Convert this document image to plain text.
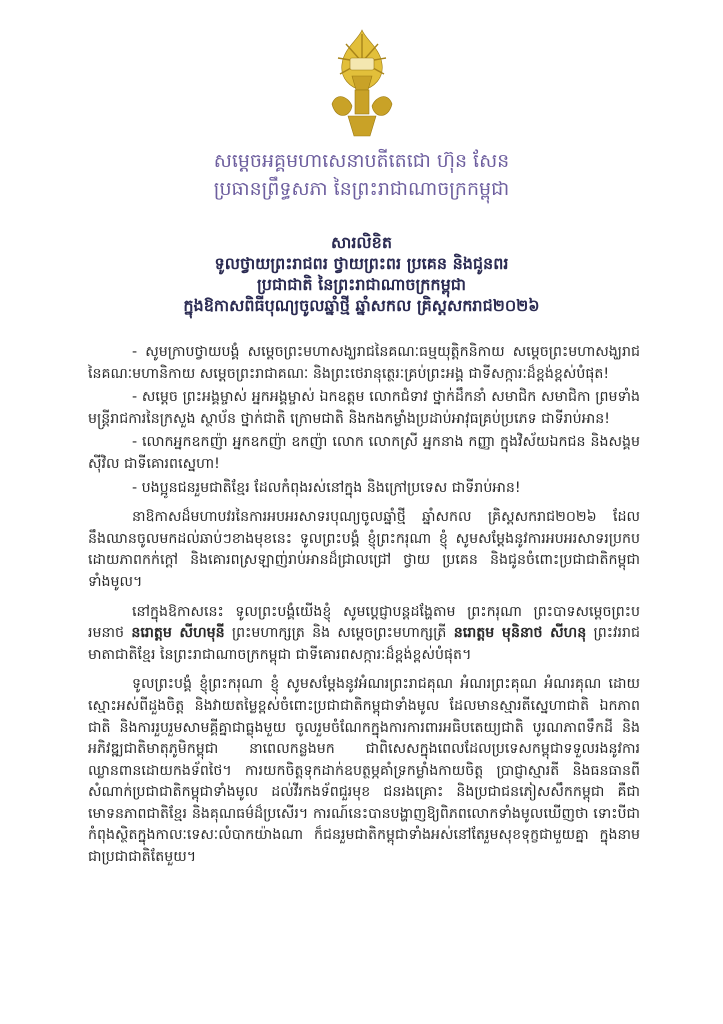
សម្តេចអគ្គមហាសេនាបតីតេជោ ហ៊ុន សែន
ប្រធានព្រឹទ្ធសភា នៃព្រះរាជាណាចក្រកម្ពុជា
សារលិខិត
ទូលថ្វាយព្រះរាជពរ ថ្វាយព្រះពរ ប្រគេន និងជូនពរ
ប្រជាជាតិ នៃព្រះរាជាណាចក្រកម្ពុជា
ក្នុងឱកាសពិធីបុណ្យចូលឆ្នាំថ្មី ឆ្នាំសកល គ្រិស្តសករាជ២០២៦

- សូមក្រាបថ្វាយបង្គំ សម្តេចព្រះមហាសង្ឃរាជនៃគណៈធម្មយុត្តិកនិកាយ សម្តេចព្រះមហាសង្ឃរាជនៃគណៈមហានិកាយ សម្តេចព្រះរាជាគណៈ និងព្រះថេរានុត្ថេរៈគ្រប់ព្រះអង្គ ជាទីសក្ការៈដ៏ខ្ពង់ខ្ពស់បំផុត!

- សម្តេច ព្រះអង្គម្ចាស់ អ្នកអង្គម្ចាស់ ឯកឧត្តម លោកជំទាវ ថ្នាក់ដឹកនាំ សមាជិក សមាជិកា ព្រមទាំងមន្ត្រីរាជការនៃក្រសួង ស្ថាប័ន ថ្នាក់ជាតិ ក្រោមជាតិ និងកងកម្លាំងប្រដាប់អាវុធគ្រប់ប្រភេទ ជាទីរាប់អាន!

- លោកអ្នកឧកញ៉ា អ្នកឧកញ៉ា ឧកញ៉ា លោក លោកស្រី អ្នកនាង កញ្ញា ក្នុងវិស័យឯកជន និងសង្គមស៊ីវិល ជាទីគោរពស្នេហា!

- បងប្អូនជនរួមជាតិខ្មែរ ដែលកំពុងរស់នៅក្នុង និងក្រៅប្រទេស ជាទីរាប់អាន!

នាឱកាសដ៏មហាបវរនៃការអបអរសាទរបុណ្យចូលឆ្នាំថ្មី ឆ្នាំសកល គ្រិស្តសករាជ២០២៦ ដែលនឹងឈានចូលមកដល់ឆាប់ៗខាងមុខនេះ ទូលព្រះបង្គំ ខ្ញុំព្រះករុណា ខ្ញុំ សូមសម្តែងនូវការអបអរសាទរប្រកបដោយភាពកក់ក្តៅ និងគោរពស្រឡាញ់រាប់អានដ៏ជ្រាលជ្រៅ ថ្វាយ ប្រគេន និងជូនចំពោះប្រជាជាតិកម្ពុជាទាំងមូល។

នៅក្នុងឱកាសនេះ ទូលព្រះបង្គំយើងខ្ញុំ សូមប្តេជ្ញាបន្តដង្ហែតាម ព្រះករុណា ព្រះបាទសម្តេចព្រះបរមនាថ នរោត្តម សីហមុនី ព្រះមហាក្សត្រ និង សម្តេចព្រះមហាក្សត្រី នរោត្តម មុនិនាថ សីហនុ ព្រះវររាជមាតាជាតិខ្មែរ នៃព្រះរាជាណាចក្រកម្ពុជា ជាទីគោរពសក្ការៈដ៏ខ្ពង់ខ្ពស់បំផុត។

ទូលព្រះបង្គំ ខ្ញុំព្រះករុណា ខ្ញុំ សូមសម្តែងនូវអំណរព្រះរាជគុណ អំណរព្រះគុណ អំណរគុណ ដោយស្មោះអស់ពីដួងចិត្ត និងវាយតម្លៃខ្ពស់ចំពោះប្រជាជាតិកម្ពុជាទាំងមូល ដែលមានស្មារតីស្នេហាជាតិ ឯកភាពជាតិ និងការរួបរួមសាមគ្គីគ្នាជាធ្លុងមួយ ចូលរួមចំណែកក្នុងការការពារអធិបតេយ្យជាតិ បូរណភាពទឹកដី និងអភិវឌ្ឍជាតិមាតុភូមិកម្ពុជា នាពេលកន្លងមក ជាពិសេសក្នុងពេលដែលប្រទេសកម្ពុជាទទួលរងនូវការឈ្លានពានដោយកងទ័ពថៃ។ ការយកចិត្តទុកដាក់ឧបត្ថម្ភគាំទ្រកម្លាំងកាយចិត្ត ប្រាជ្ញាស្មារតី និងធនធានពីសំណាក់ប្រជាជាតិកម្ពុជាទាំងមូល ដល់វីរកងទ័ពជួរមុខ ជនរងគ្រោះ និងប្រជាជនភៀសសឹកកម្ពុជា គឺជាមោទនភាពជាតិខ្មែរ និងគុណធម៌ដ៏ប្រសើរ។ ការណ៍នេះបានបង្ហាញឱ្យពិភពលោកទាំងមូលឃើញថា ទោះបីជាកំពុងស្ថិតក្នុងកាលៈទេសៈលំបាកយ៉ាងណា ក៏ជនរួមជាតិកម្ពុជាទាំងអស់នៅតែរួមសុខទុក្ខជាមួយគ្នា ក្នុងនាមជាប្រជាជាតិតែមួយ។
